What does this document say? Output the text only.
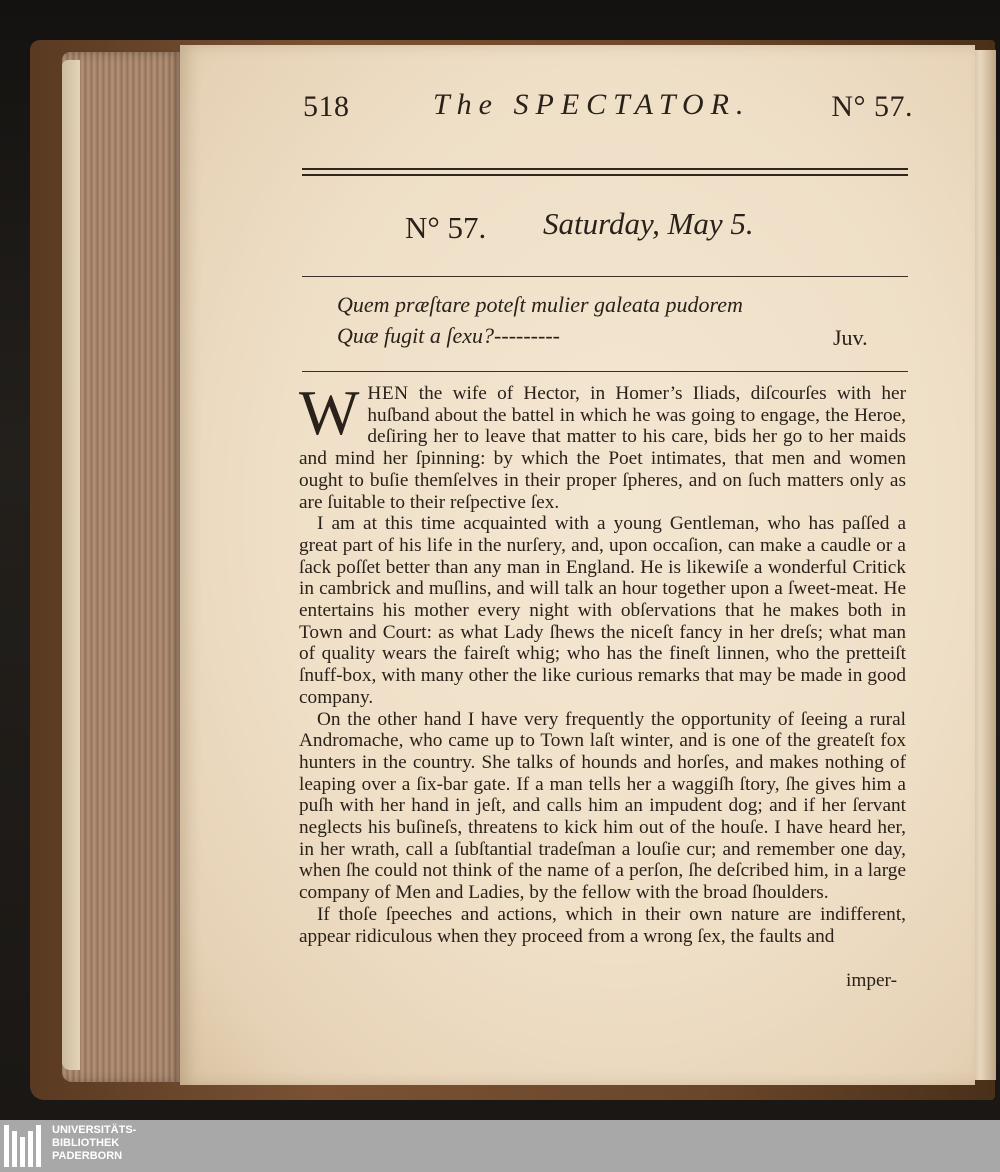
518	The SPECTATOR.	N° 57.
N° 57. Saturday, May 5.
Quem præſtare poteſt mulier galeata pudorem
Quæ fugit a ſexu?---------	Juv.

WHEN the wife of Hector, in Homer’s Iliads, diſcourſes with her huſband about the battel in which he was going to engage, the Heroe, deſiring her to leave that matter to his care, bids her go to her maids and mind her ſpinning: by which the Poet intimates, that men and women ought to buſie themſelves in their proper ſpheres, and on ſuch matters only as are ſuitable to their reſpective ſex.

I am at this time acquainted with a young Gentleman, who has paſſed a great part of his life in the nurſery, and, upon occaſion, can make a caudle or a ſack poſſet better than any man in England. He is likewiſe a wonderful Critick in cambrick and muſlins, and will talk an hour together upon a ſweet-meat. He entertains his mother every night with obſervations that he makes both in Town and Court: as what Lady ſhews the niceſt fancy in her dreſs; what man of quality wears the faireſt whig; who has the fineſt linnen, who the pretteiſt ſnuff-box, with many other the like curious remarks that may be made in good company.

On the other hand I have very frequently the opportunity of ſeeing a rural Andromache, who came up to Town laſt winter, and is one of the greateſt fox hunters in the country. She talks of hounds and horſes, and makes nothing of leaping over a ſix-bar gate. If a man tells her a waggiſh ſtory, ſhe gives him a puſh with her hand in jeſt, and calls him an impudent dog; and if her ſervant neglects his buſineſs, threatens to kick him out of the houſe. I have heard her, in her wrath, call a ſubſtantial tradeſman a louſie cur; and remember one day, when ſhe could not think of the name of a perſon, ſhe deſcribed him, in a large company of Men and Ladies, by the fellow with the broad ſhoulders.

If thoſe ſpeeches and actions, which in their own nature are indifferent, appear ridiculous when they proceed from a wrong ſex, the faults and

imper-
UNIVERSITÄTS-
BIBLIOTHEK
PADERBORN
